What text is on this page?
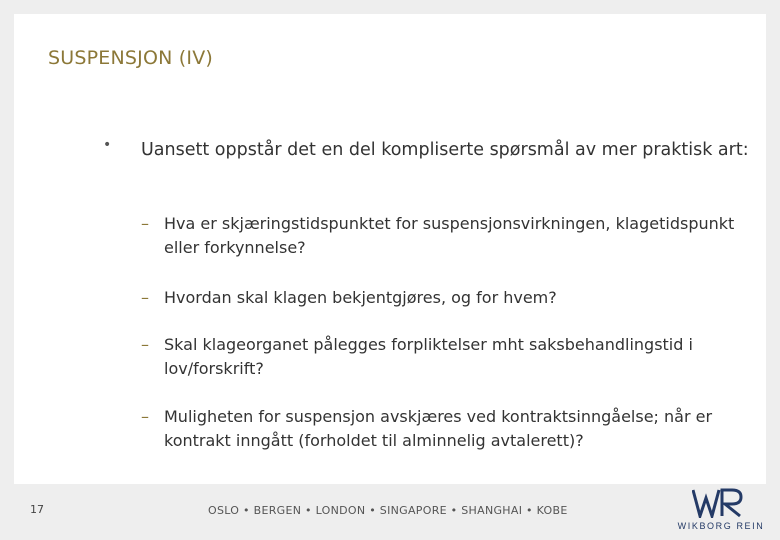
SUSPENSJON (IV)
• Uansett oppstår det en del kompliserte spørsmål av mer praktisk art:
– Hva er skjæringstidspunktet for suspensjonsvirkningen, klagetidspunkt eller forkynnelse?
– Hvordan skal klagen bekjentgjøres, og for hvem?
– Skal klageorganet pålegges forpliktelser mht saksbehandlingstid i lov/forskrift?
– Muligheten for suspensjon avskjæres ved kontraktsinngåelse; når er kontrakt inngått (forholdet til alminnelig avtalerett)?
17	OSLO • BERGEN • LONDON • SINGAPORE • SHANGHAI • KOBE
WIKBORG REIN
